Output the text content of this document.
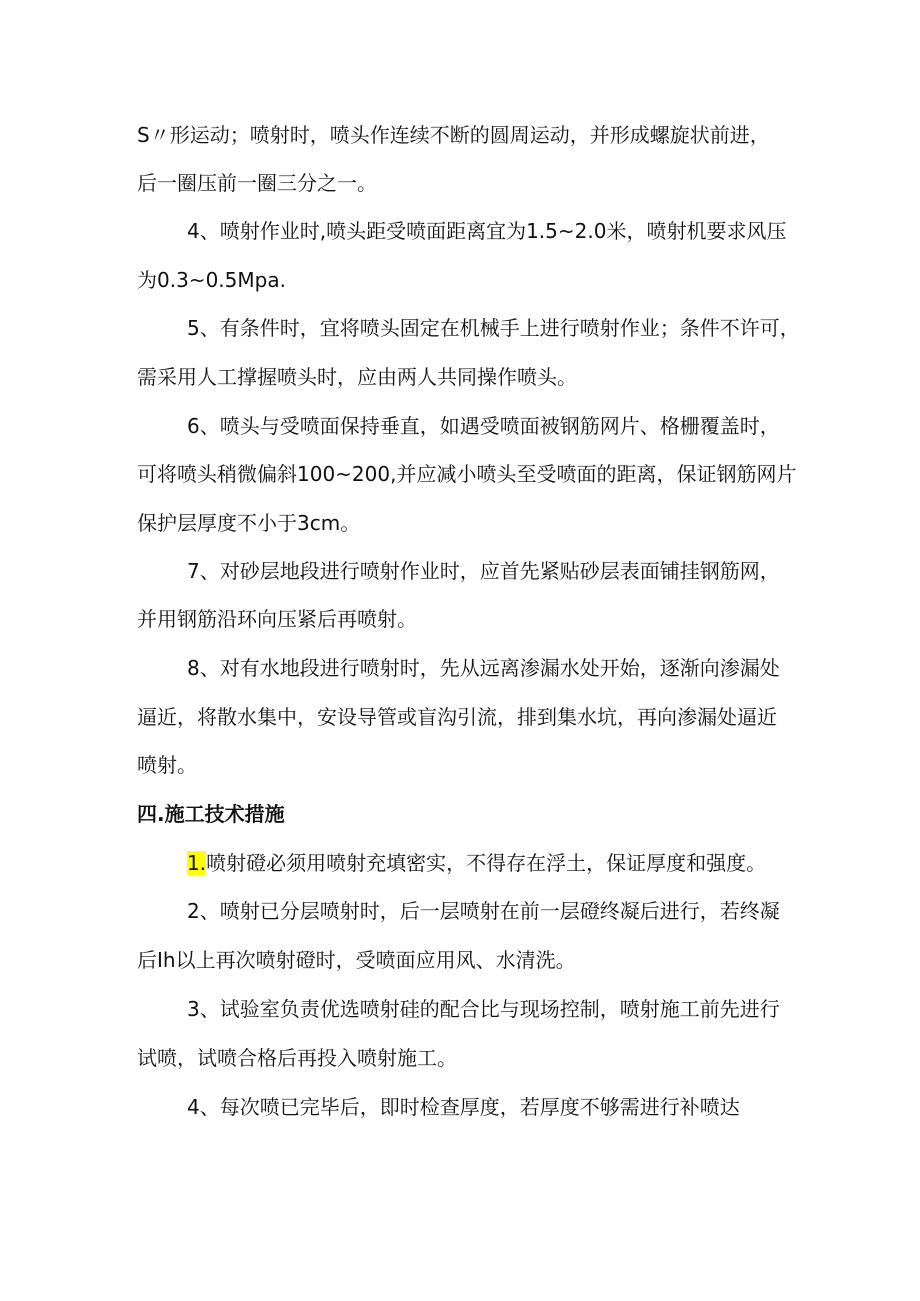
S〃形运动；喷射时，喷头作连续不断的圆周运动，并形成螺旋状前进，
后一圈压前一圈三分之一。
4、喷射作业时,喷头距受喷面距离宜为1.5~2.0米，喷射机要求风压
为0.3~0.5Mpa.
5、有条件时，宜将喷头固定在机械手上进行喷射作业；条件不许可，
需采用人工撑握喷头时，应由两人共同操作喷头。
6、喷头与受喷面保持垂直，如遇受喷面被钢筋网片、格栅覆盖时，
可将喷头稍微偏斜100~200,并应减小喷头至受喷面的距离，保证钢筋网片
保护层厚度不小于3cm。
7、对砂层地段进行喷射作业时，应首先紧贴砂层表面铺挂钢筋网，
并用钢筋沿环向压紧后再喷射。
8、对有水地段进行喷射时，先从远离渗漏水处开始，逐渐向渗漏处
逼近，将散水集中，安设导管或盲沟引流，排到集水坑，再向渗漏处逼近
喷射。
四.施工技术措施
1.喷射磴必须用喷射充填密实，不得存在浮土，保证厚度和强度。
2、喷射已分层喷射时，后一层喷射在前一层磴终凝后进行，若终凝
后Ih以上再次喷射磴时，受喷面应用风、水清洗。
3、试验室负责优选喷射硅的配合比与现场控制，喷射施工前先进行
试喷，试喷合格后再投入喷射施工。
4、每次喷已完毕后，即时检查厚度，若厚度不够需进行补喷达
